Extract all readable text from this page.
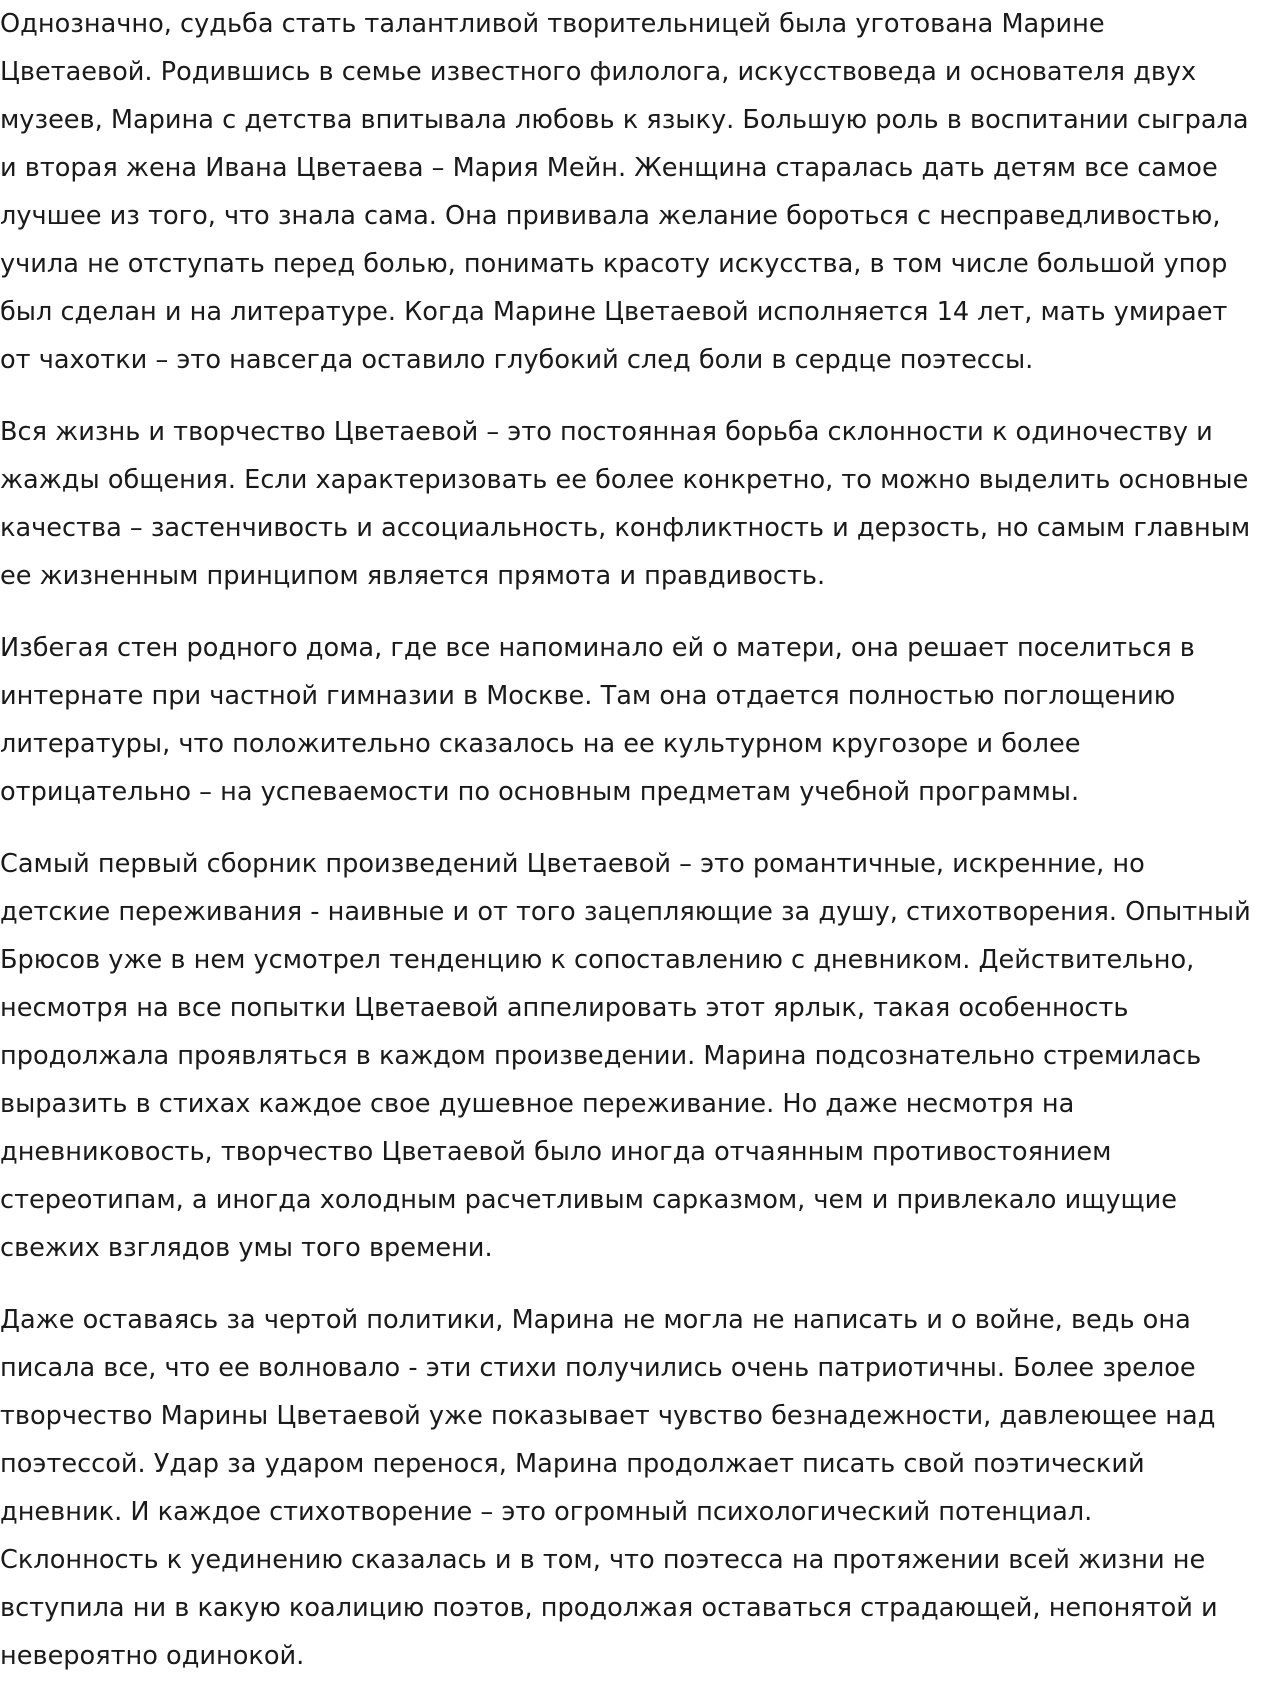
Однозначно, судьба стать талантливой творительницей была уготована Марине
Цветаевой. Родившись в семье известного филолога, искусствоведа и основателя двух
музеев, Марина с детства впитывала любовь к языку. Большую роль в воспитании сыграла
и вторая жена Ивана Цветаева – Мария Мейн. Женщина старалась дать детям все самое
лучшее из того, что знала сама. Она прививала желание бороться с несправедливостью,
учила не отступать перед болью, понимать красоту искусства, в том числе большой упор
был сделан и на литературе. Когда Марине Цветаевой исполняется 14 лет, мать умирает
от чахотки – это навсегда оставило глубокий след боли в сердце поэтессы.

Вся жизнь и творчество Цветаевой – это постоянная борьба склонности к одиночеству и
жажды общения. Если характеризовать ее более конкретно, то можно выделить основные
качества – застенчивость и ассоциальность, конфликтность и дерзость, но самым главным
ее жизненным принципом является прямота и правдивость.

Избегая стен родного дома, где все напоминало ей о матери, она решает поселиться в
интернате при частной гимназии в Москве. Там она отдается полностью поглощению
литературы, что положительно сказалось на ее культурном кругозоре и более
отрицательно – на успеваемости по основным предметам учебной программы.

Самый первый сборник произведений Цветаевой – это романтичные, искренние, но
детские переживания - наивные и от того зацепляющие за душу, стихотворения. Опытный
Брюсов уже в нем усмотрел тенденцию к сопоставлению с дневником. Действительно,
несмотря на все попытки Цветаевой аппелировать этот ярлык, такая особенность
продолжала проявляться в каждом произведении. Марина подсознательно стремилась
выразить в стихах каждое свое душевное переживание. Но даже несмотря на
дневниковость, творчество Цветаевой было иногда отчаянным противостоянием
стереотипам, а иногда холодным расчетливым сарказмом, чем и привлекало ищущие
свежих взглядов умы того времени.

Даже оставаясь за чертой политики, Марина не могла не написать и о войне, ведь она
писала все, что ее волновало - эти стихи получились очень патриотичны. Более зрелое
творчество Марины Цветаевой уже показывает чувство безнадежности, давлеющее над
поэтессой. Удар за ударом перенося, Марина продолжает писать свой поэтический
дневник. И каждое стихотворение – это огромный психологический потенциал.
Склонность к уединению сказалась и в том, что поэтесса на протяжении всей жизни не
вступила ни в какую коалицию поэтов, продолжая оставаться страдающей, непонятой и
невероятно одинокой.
